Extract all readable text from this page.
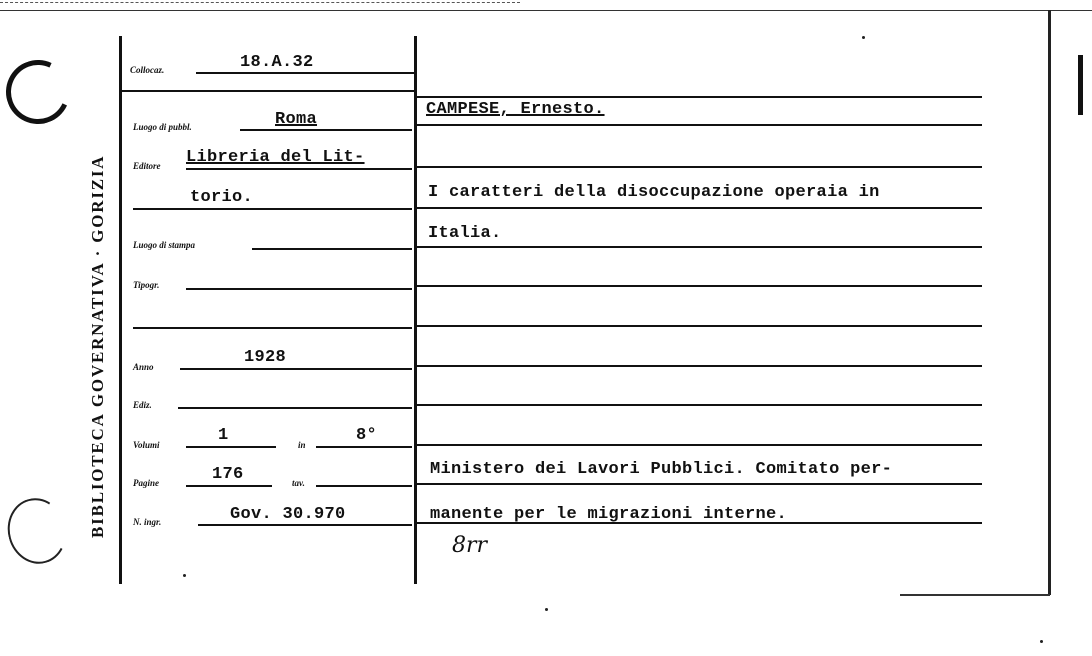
BIBLIOTECA GOVERNATIVA · GORIZIA
Collocaz.	18.A.32
Luogo di pubbl.	Roma
Editore Libreria del Lit-
torio.
Luogo di stampa
Tipogr.
Anno	1928
Ediz.
Volumi	1	in	8°
Pagine	176	tav.
N. ingr.	Gov. 30.970
CAMPESE, Ernesto.
I caratteri della disoccupazione operaia in
Italia.
Ministero dei Lavori Pubblici. Comitato per-
manente per le migrazioni interne.
8rr
